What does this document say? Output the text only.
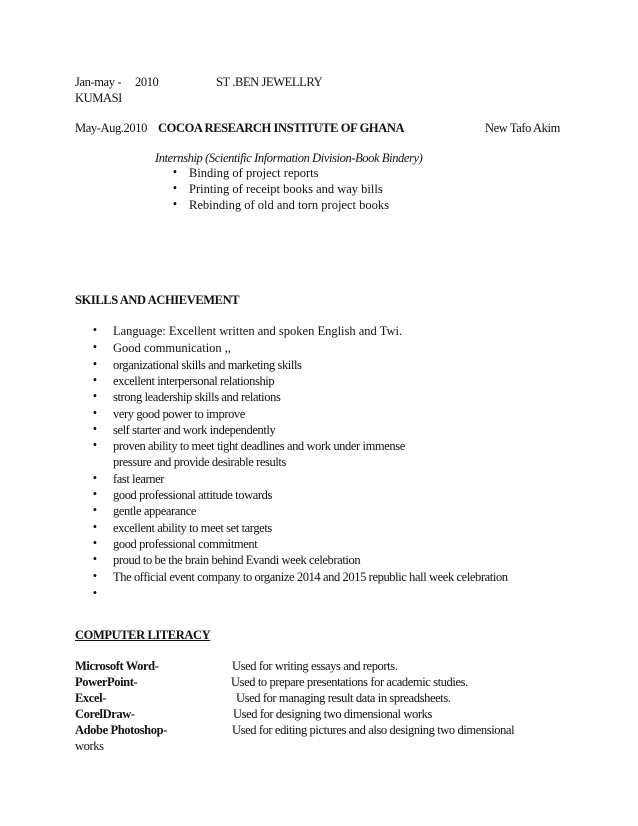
Jan-may - 2010	ST .BEN JEWELLRY
KUMASI
May-Aug.2010 COCOA RESEARCH INSTITUTE OF GHANA	New Tafo Akim
Internship (Scientific Information Division-Book Bindery)
• Binding of project reports
• Printing of receipt books and way bills
• Rebinding of old and torn project books
SKILLS AND ACHIEVEMENT
•	Language: Excellent written and spoken English and Twi.
•	Good communication ,,
•	organizational skills and marketing skills
•	excellent interpersonal relationship
•	strong leadership skills and relations
•	very good power to improve
•	self starter and work independently
•	proven ability to meet tight deadlines and work under immense
pressure and provide desirable results
•	fast learner
•	good professional attitude towards
•	gentle appearance
•	excellent ability to meet set targets
•	good professional commitment
•	proud to be the brain behind Evandi week celebration
•	The official event company to organize 2014 and 2015 republic hall week celebration
•
COMPUTER LITERACY
Microsoft Word-	Used for writing essays and reports.
PowerPoint-	Used to prepare presentations for academic studies.
Excel-	Used for managing result data in spreadsheets.
CorelDraw-	Used for designing two dimensional works
Adobe Photoshop-	Used for editing pictures and also designing two dimensional
works
